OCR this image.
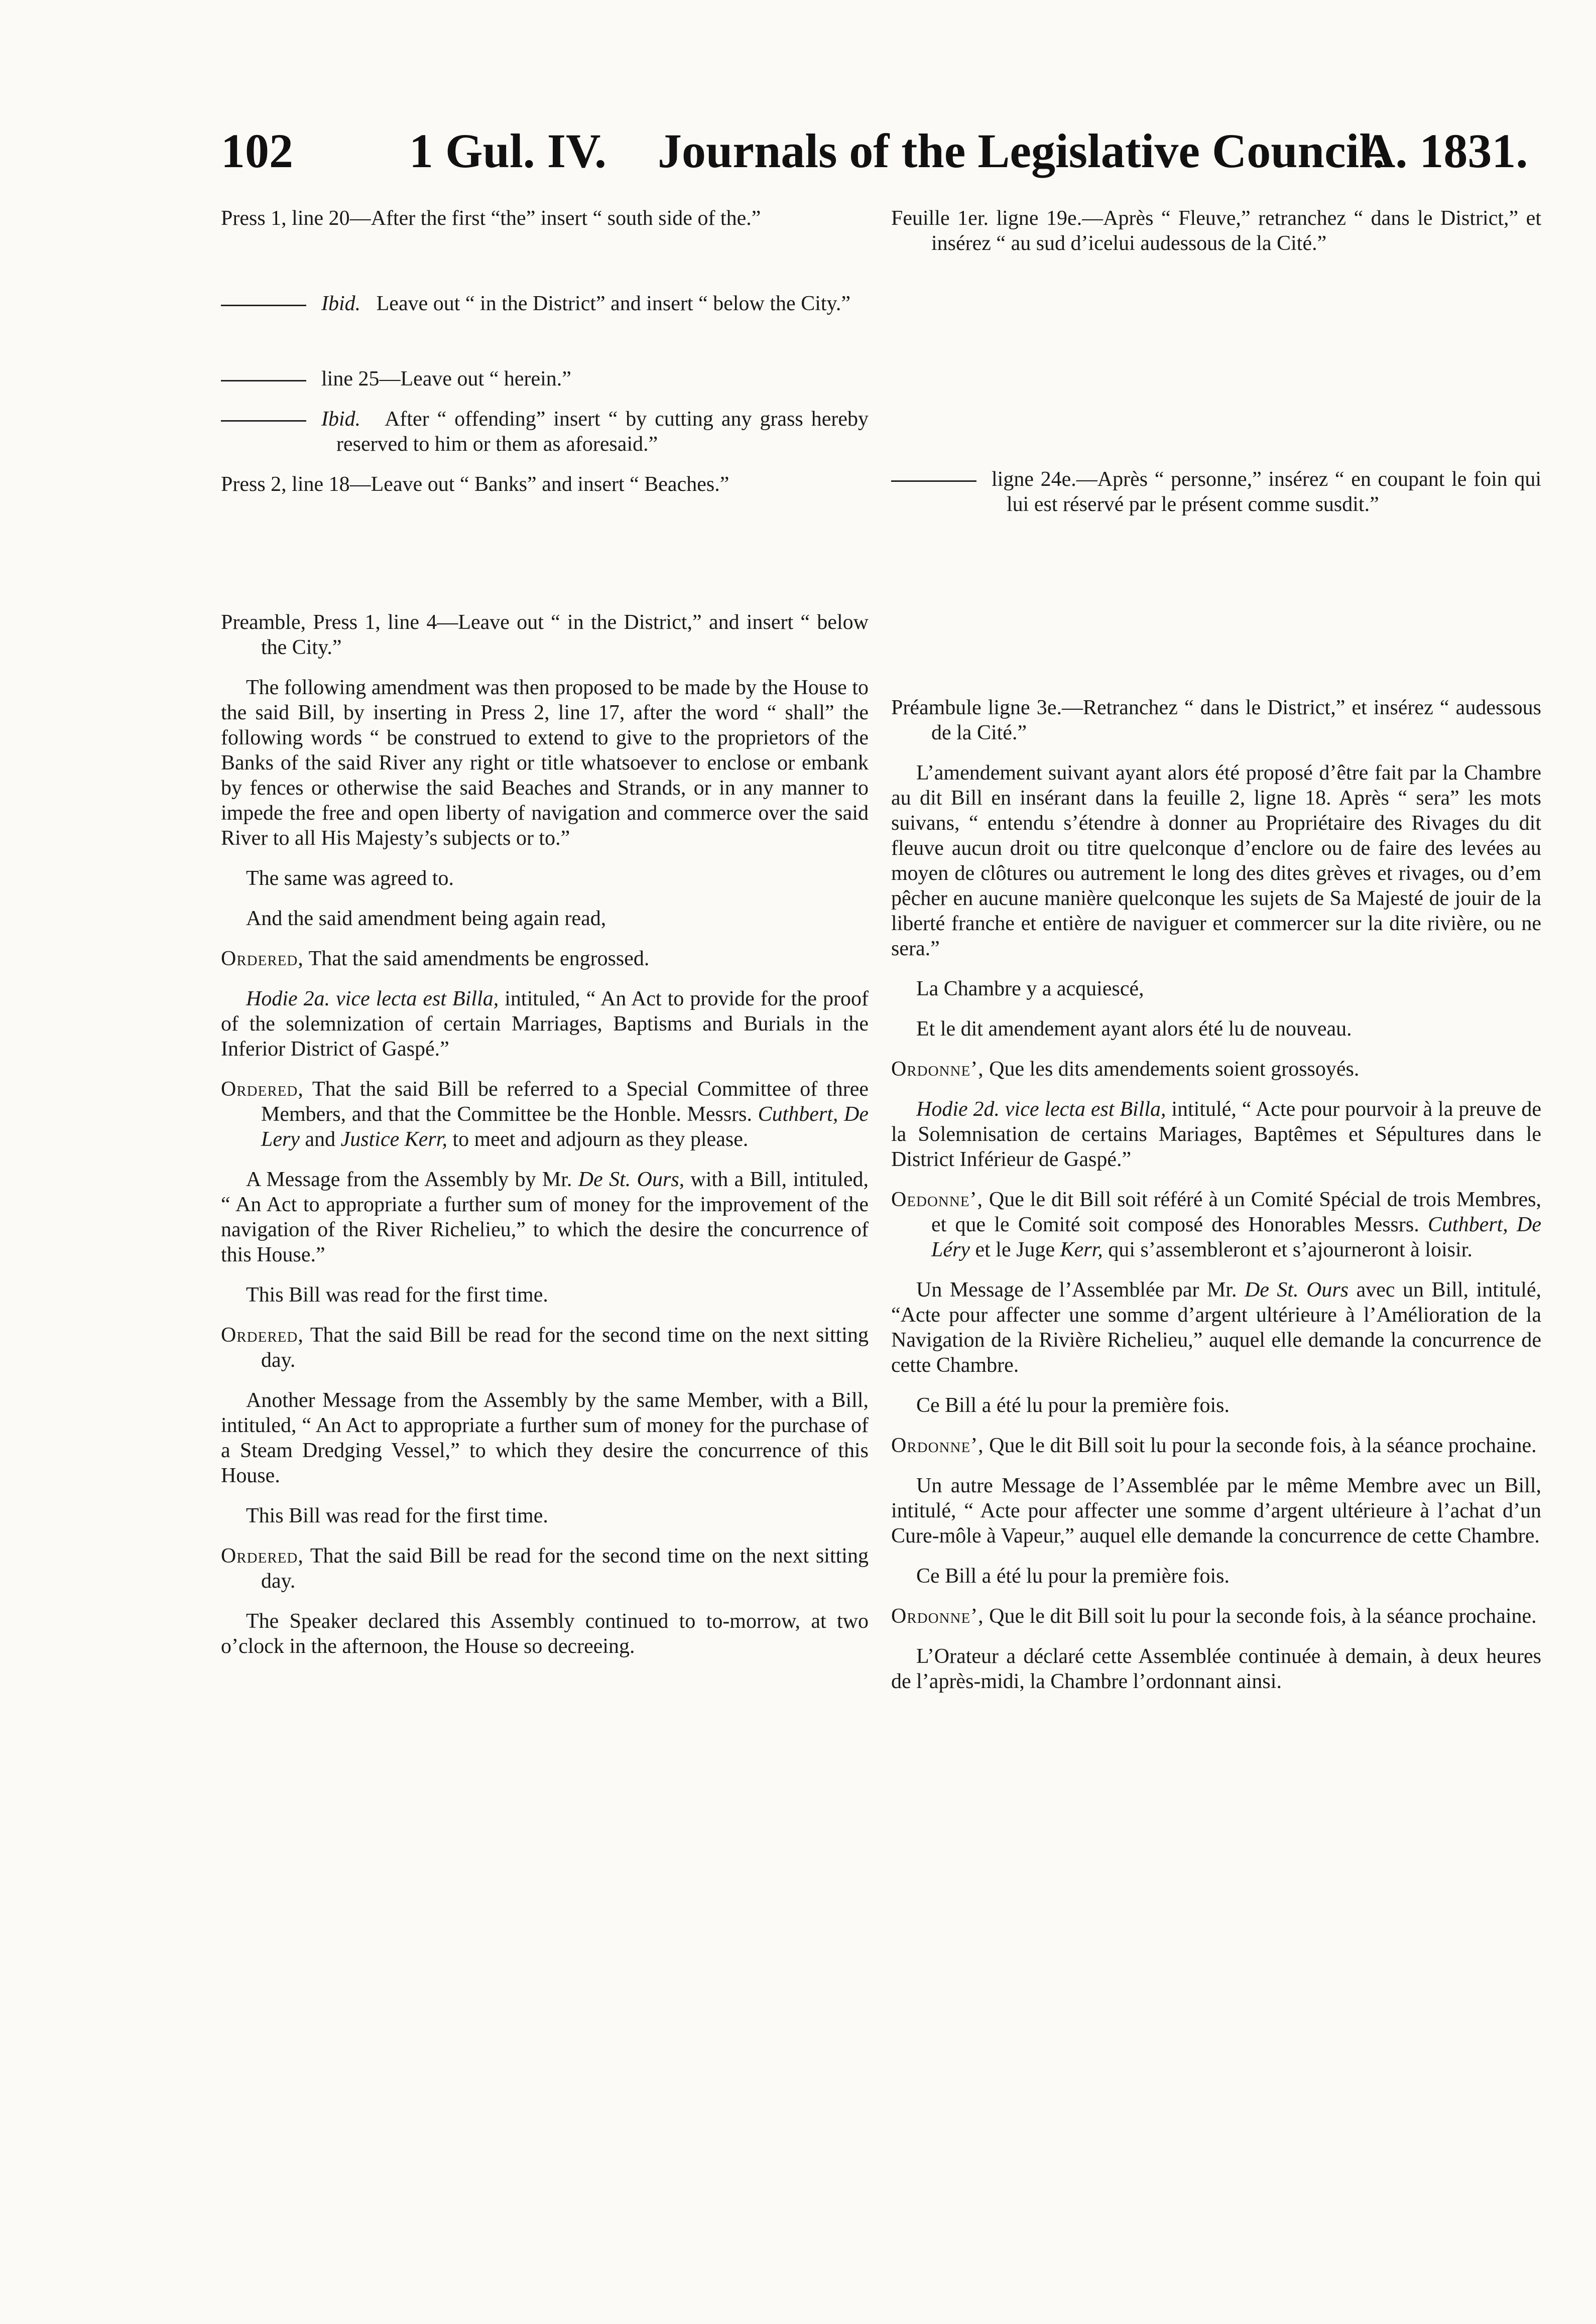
102 1 Gul. IV. Journals of the Legislative Council.
A. 1831.

Press 1, line 20—After the first “the” insert “ south side of the.”

Ibid. Leave out “ in the District” and insert “ below the City.”

line 25—Leave out “ herein.”

Ibid. After “ offending” insert “ by cutting any grass hereby reserved to him or them as aforesaid.”

Press 2, line 18—Leave out “ Banks” and insert “ Beaches.”

Preamble, Press 1, line 4—Leave out “ in the District,” and insert “ below the City.”

The following amendment was then proposed to be made by the House to the said Bill, by inserting in Press 2, line 17, after the word “ shall” the following words “ be construed to extend to give to the proprietors of the Banks of the said River any right or title whatsoever to enclose or embank by fences or otherwise the said Beaches and Strands, or in any manner to impede the free and open liberty of navigation and commerce over the said River to all His Majesty’s subjects or to.”

The same was agreed to.

And the said amendment being again read,

Ordered, That the said amendments be engrossed.

Hodie 2a. vice lecta est Billa, intituled, “ An Act to provide for the proof of the solemnization of certain Marriages, Baptisms and Burials in the Inferior District of Gaspé.”

Ordered, That the said Bill be referred to a Special Committee of three Members, and that the Committee be the Honble. Messrs. Cuthbert, De Lery and Justice Kerr, to meet and adjourn as they please.

A Message from the Assembly by Mr. De St. Ours, with a Bill, intituled, “ An Act to appropriate a further sum of money for the improvement of the navigation of the River Richelieu,” to which the desire the concurrence of this House.”

This Bill was read for the first time.

Ordered, That the said Bill be read for the second time on the next sitting day.

Another Message from the Assembly by the same Member, with a Bill, intituled, “ An Act to appropriate a further sum of money for the purchase of a Steam Dredging Vessel,” to which they desire the concurrence of this House.

This Bill was read for the first time.

Ordered, That the said Bill be read for the second time on the next sitting day.

The Speaker declared this Assembly continued to to-morrow, at two o’clock in the afternoon, the House so decreeing.

Feuille 1er. ligne 19e.—Après “ Fleuve,” retranchez “ dans le District,” et insérez “ au sud d’icelui audessous de la Cité.”

ligne 24e.—Après “ personne,” insérez “ en coupant le foin qui lui est réservé par le présent comme susdit.”

Préambule ligne 3e.—Retranchez “ dans le District,” et insérez “ audessous de la Cité.”

L’amendement suivant ayant alors été proposé d’être fait par la Chambre au dit Bill en insérant dans la feuille 2, ligne 18. Après “ sera” les mots suivans, “ entendu s’étendre à donner au Propriétaire des Rivages du dit fleuve aucun droit ou titre quelconque d’enclore ou de faire des levées au moyen de clôtures ou autrement le long des dites grèves et rivages, ou d’em pêcher en aucune manière quelconque les sujets de Sa Majesté de jouir de la liberté franche et entière de naviguer et commercer sur la dite rivière, ou ne sera.”

La Chambre y a acquiescé,

Et le dit amendement ayant alors été lu de nouveau.

Ordonne’, Que les dits amendements soient grossoyés.

Hodie 2d. vice lecta est Billa, intitulé, “ Acte pour pourvoir à la preuve de la Solemnisation de certains Mariages, Baptêmes et Sépultures dans le District Inférieur de Gaspé.”

Oedonne’, Que le dit Bill soit référé à un Comité Spécial de trois Membres, et que le Comité soit composé des Honorables Messrs. Cuthbert, De Léry et le Juge Kerr, qui s’assembleront et s’ajourneront à loisir.

Un Message de l’Assemblée par Mr. De St. Ours avec un Bill, intitulé, “Acte pour affecter une somme d’argent ultérieure à l’Amélioration de la Navigation de la Rivière Richelieu,” auquel elle demande la concurrence de cette Chambre.

Ce Bill a été lu pour la première fois.

Ordonne’, Que le dit Bill soit lu pour la seconde fois, à la séance prochaine.

Un autre Message de l’Assemblée par le même Membre avec un Bill, intitulé, “ Acte pour affecter une somme d’argent ultérieure à l’achat d’un Cure-môle à Vapeur,” auquel elle demande la concurrence de cette Chambre.

Ce Bill a été lu pour la première fois.

Ordonne’, Que le dit Bill soit lu pour la seconde fois, à la séance prochaine.

L’Orateur a déclaré cette Assemblée continuée à demain, à deux heures de l’après-midi, la Chambre l’ordonnant ainsi.
